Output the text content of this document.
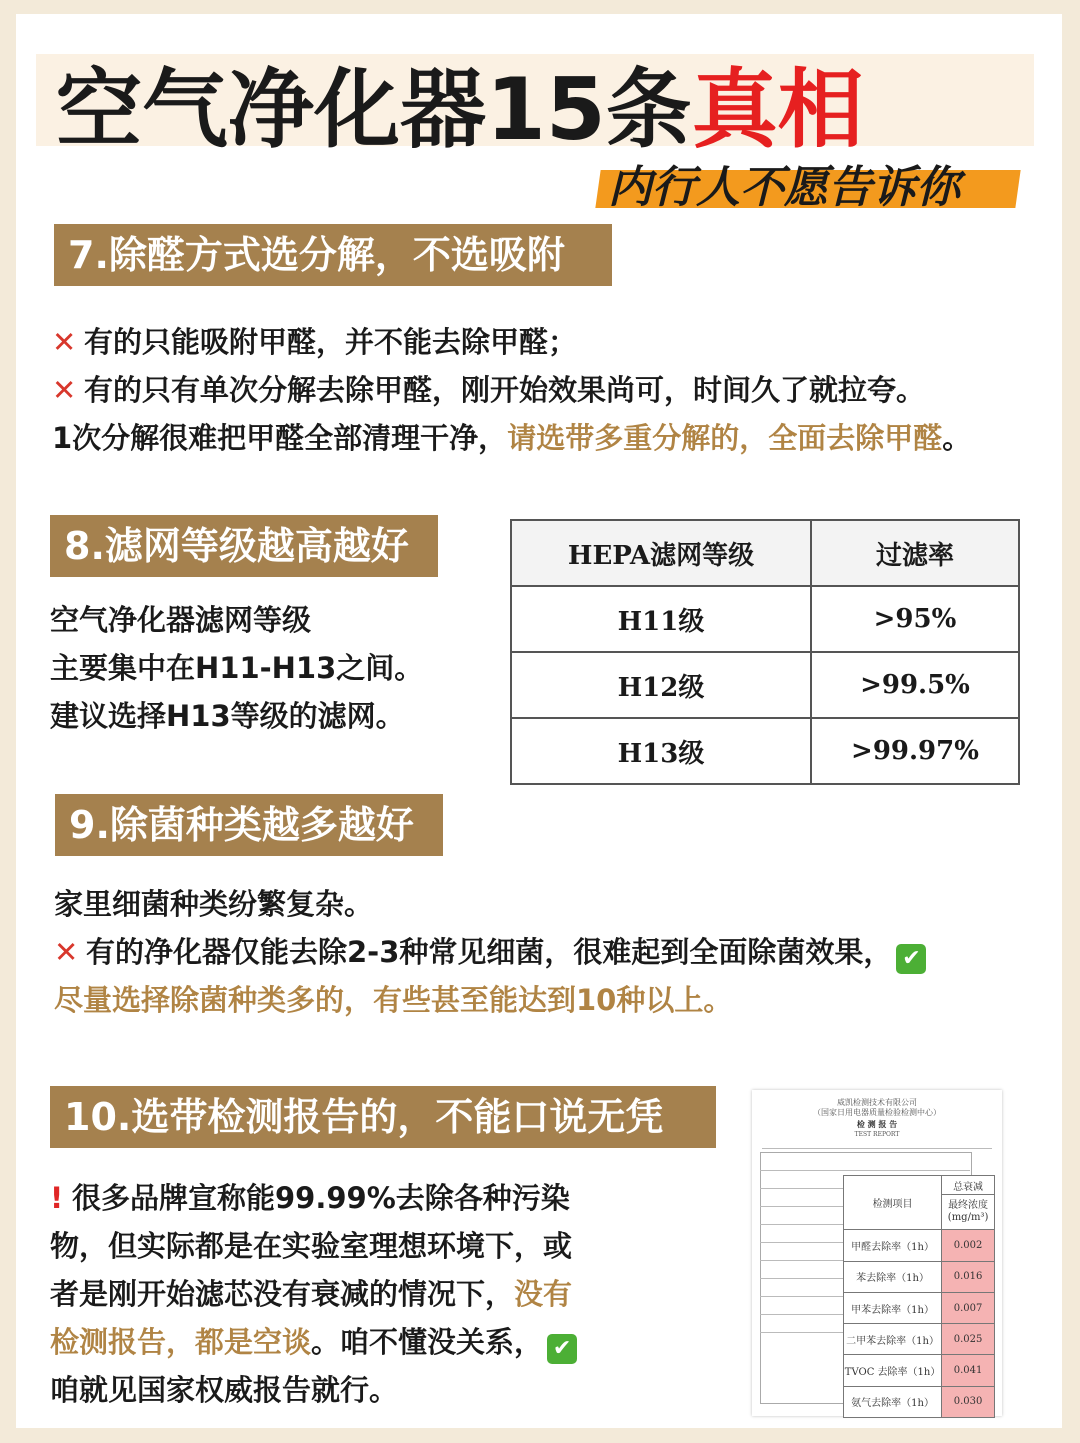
空气净化器15条真相

内行人不愿告诉你

7.除醛方式选分解，不选吸附
✕ 有的只能吸附甲醛，并不能去除甲醛；
✕ 有的只有单次分解去除甲醛，刚开始效果尚可，时间久了就拉夸。
1次分解很难把甲醛全部清理干净，请选带多重分解的，全面去除甲醛。
8.滤网等级越高越好
空气净化器滤网等级
主要集中在H11-H13之间。
建议选择H13等级的滤网。
HEPA滤网等级	过滤率
H11级	>95%
H12级	>99.5%
H13级	>99.97%
9.除菌种类越多越好
家里细菌种类纷繁复杂。
✕ 有的净化器仅能去除2-3种常见细菌，很难起到全面除菌效果， ✔
尽量选择除菌种类多的，有些甚至能达到10种以上。
10.选带检测报告的，不能口说无凭
! 很多品牌宣称能99.99%去除各种污染
物，但实际都是在实验室理想环境下，或
者是刚开始滤芯没有衰减的情况下，没有
检测报告，都是空谈。咱不懂没关系， ✔
咱就见国家权威报告就行。
威凯检测技术有限公司
（国家日用电器质量检验检测中心）
检 测 报 告
TEST REPORT
检测项目	总衰减
	最终浓度
(mg/m³)
甲醛去除率（1h）	0.002
苯去除率（1h）	0.016
甲苯去除率（1h）	0.007
二甲苯去除率（1h）	0.025
TVOC 去除率（1h）	0.041
氨气去除率（1h）	0.030
